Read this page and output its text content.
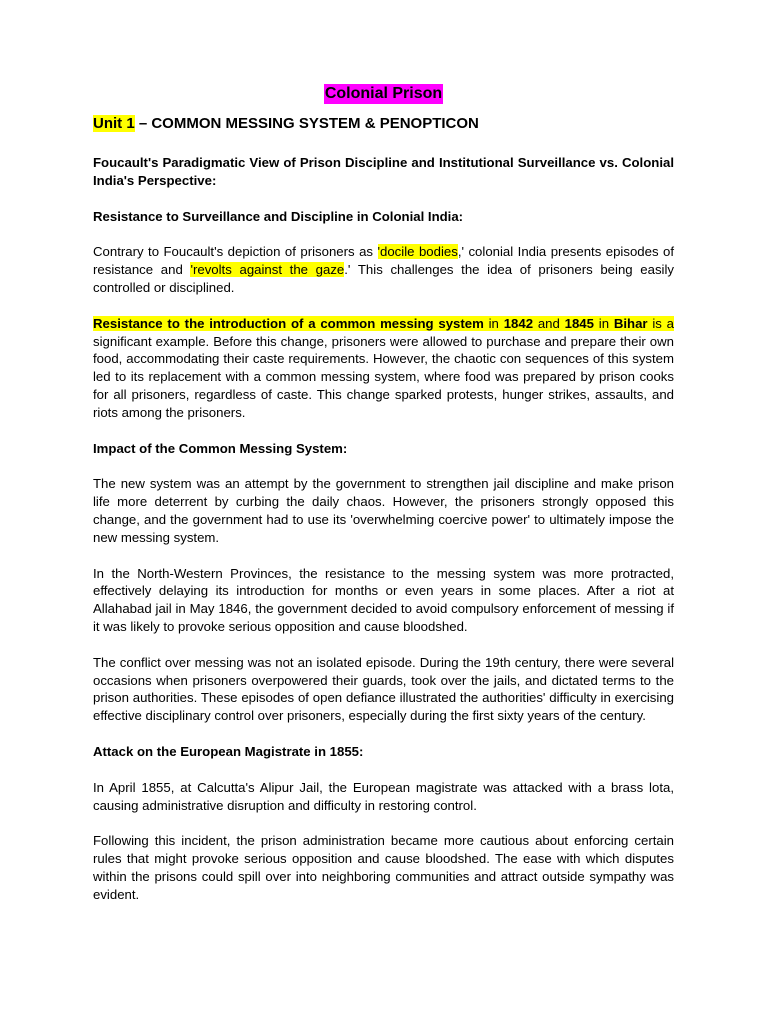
Colonial Prison
Unit 1 – COMMON MESSING SYSTEM & PENOPTICON

Foucault's Paradigmatic View of Prison Discipline and Institutional Surveillance vs. Colonial India's Perspective:

Resistance to Surveillance and Discipline in Colonial India:

Contrary to Foucault's depiction of prisoners as 'docile bodies,' colonial India presents episodes of resistance and 'revolts against the gaze.' This challenges the idea of prisoners being easily controlled or disciplined.

Resistance to the introduction of a common messing system in 1842 and 1845 in Bihar is a significant example. Before this change, prisoners were allowed to purchase and prepare their own food, accommodating their caste requirements. However, the chaotic con sequences of this system led to its replacement with a common messing system, where food was prepared by prison cooks for all prisoners, regardless of caste. This change sparked protests, hunger strikes, assaults, and riots among the prisoners.

Impact of the Common Messing System:

The new system was an attempt by the government to strengthen jail discipline and make prison life more deterrent by curbing the daily chaos. However, the prisoners strongly opposed this change, and the government had to use its 'overwhelming coercive power' to ultimately impose the new messing system.

In the North-Western Provinces, the resistance to the messing system was more protracted, effectively delaying its introduction for months or even years in some places. After a riot at Allahabad jail in May 1846, the government decided to avoid compulsory enforcement of messing if it was likely to provoke serious opposition and cause bloodshed.

The conflict over messing was not an isolated episode. During the 19th century, there were several occasions when prisoners overpowered their guards, took over the jails, and dictated terms to the prison authorities. These episodes of open defiance illustrated the authorities' difficulty in exercising effective disciplinary control over prisoners, especially during the first sixty years of the century.

Attack on the European Magistrate in 1855:

In April 1855, at Calcutta's Alipur Jail, the European magistrate was attacked with a brass lota, causing administrative disruption and difficulty in restoring control.

Following this incident, the prison administration became more cautious about enforcing certain rules that might provoke serious opposition and cause bloodshed. The ease with which disputes within the prisons could spill over into neighboring communities and attract outside sympathy was evident.
